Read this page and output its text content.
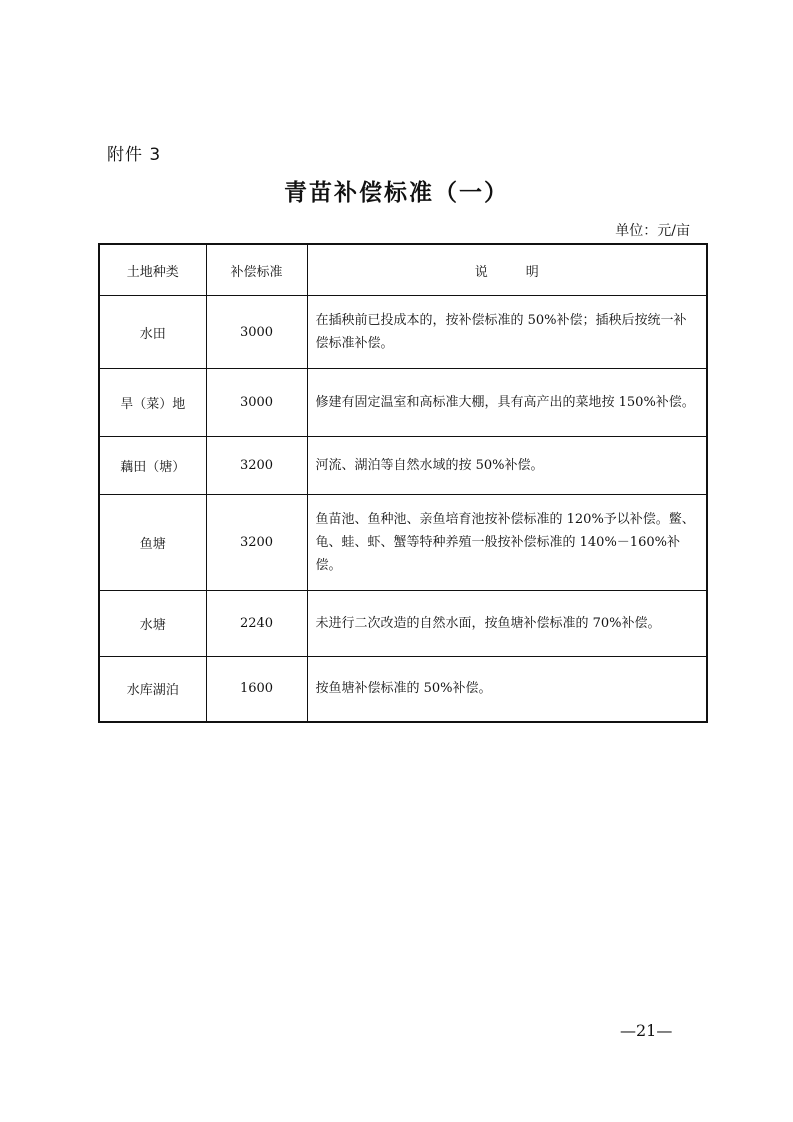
附件 3
青苗补偿标准（一）
单位：元/亩
土地种类	补偿标准	说明
水田	3000	在插秧前已投成本的，按补偿标准的 50%补偿；插秧后按统一补偿标准补偿。
旱（菜）地	3000	修建有固定温室和高标准大棚，具有高产出的菜地按 150%补偿。
藕田（塘）	3200	河流、湖泊等自然水域的按 50%补偿。
鱼塘	3200	鱼苗池、鱼种池、亲鱼培育池按补偿标准的 120%予以补偿。鳖、龟、蛙、虾、蟹等特种养殖一般按补偿标准的 140%－160%补偿。
水塘	2240	未进行二次改造的自然水面，按鱼塘补偿标准的 70%补偿。
水库湖泊	1600	按鱼塘补偿标准的 50%补偿。
—21—
